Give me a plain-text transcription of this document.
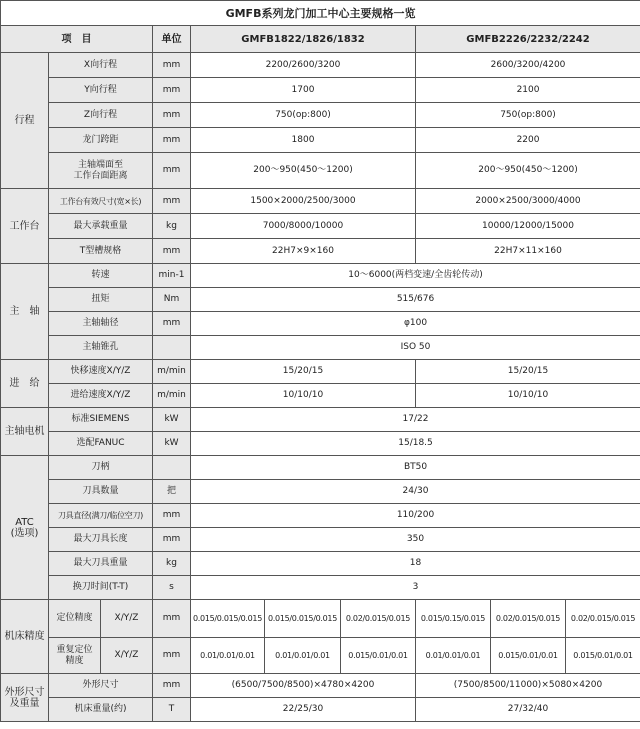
GMFB系列龙门加工中心主要规格一览									
项　目			单位	GMFB1822/1826/1832			GMFB2226/2232/2242		
行程	X向行程		mm	2200/2600/3200			2600/3200/4200		
	Y向行程		mm	1700			2100		
	Z向行程		mm	750(op:800)			750(op:800)		
	龙门跨距		mm	1800			2200		
	主轴端面至
工作台面距离		mm	200～950(450～1200)			200～950(450～1200)		
工作台	工作台有效尺寸(宽×长)		mm	1500×2000/2500/3000			2000×2500/3000/4000		
	最大承载重量		kg	7000/8000/10000			10000/12000/15000		
	T型槽规格		mm	22H7×9×160			22H7×11×160		
主　轴	转速		min-1	10～6000(两档变速/全齿轮传动)					
	扭矩		Nm	515/676					
	主轴轴径		mm	φ100					
	主轴锥孔			ISO 50					
进　给	快移速度X/Y/Z		m/min	15/20/15			15/20/15		
	进给速度X/Y/Z		m/min	10/10/10			10/10/10		
主轴电机	标准SIEMENS		kW	17/22					
	选配FANUC		kW	15/18.5					
ATC
(选项)	刀柄			BT50					
	刀具数量		把	24/30					
	刀具直径(满刀/临位空刀)		mm	110/200					
	最大刀具长度		mm	350					
	最大刀具重量		kg	18					
	换刀时间(T-T)		s	3					
机床精度	定位精度	X/Y/Z	mm	0.015/0.015/0.015	0.015/0.015/0.015	0.02/0.015/0.015	0.015/0.15/0.015	0.02/0.015/0.015	0.02/0.015/0.015
	重复定位
精度	X/Y/Z	mm	0.01/0.01/0.01	0.01/0.01/0.01	0.015/0.01/0.01	0.01/0.01/0.01	0.015/0.01/0.01	0.015/0.01/0.01
外形尺寸
及重量	外形尺寸		mm	(6500/7500/8500)×4780×4200			(7500/8500/11000)×5080×4200		
	机床重量(约)		T	22/25/30			27/32/40		
